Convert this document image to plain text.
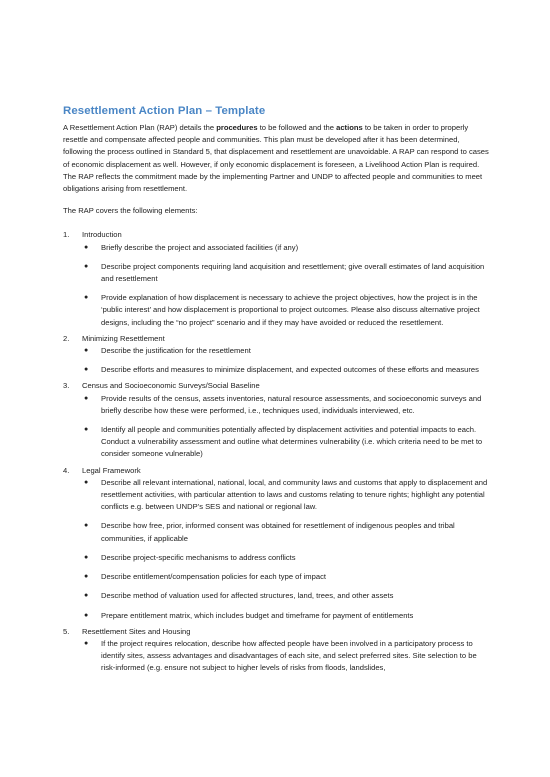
Resettlement Action Plan – Template

A Resettlement Action Plan (RAP) details the procedures to be followed and the actions to be taken in order to properly resettle and compensate affected people and communities. This plan must be developed after it has been determined, following the process outlined in Standard 5, that displacement and resettlement are unavoidable. A RAP can respond to cases of economic displacement as well. However, if only economic displacement is foreseen, a Livelihood Action Plan is required. The RAP reflects the commitment made by the implementing Partner and UNDP to affected people and communities to meet obligations arising from resettlement.

The RAP covers the following elements:

1.	Introduction
●	Briefly describe the project and associated facilities (if any)
●	Describe project components requiring land acquisition and resettlement; give overall estimates of land acquisition and resettlement
●	Provide explanation of how displacement is necessary to achieve the project objectives, how the project is in the ‘public interest’ and how displacement is proportional to project outcomes. Please also discuss alternative project designs, including the “no project” scenario and if they may have avoided or reduced the resettlement.
2.	Minimizing Resettlement
●	Describe the justification for the resettlement
●	Describe efforts and measures to minimize displacement, and expected outcomes of these efforts and measures
3.	Census and Socioeconomic Surveys/Social Baseline
●	Provide results of the census, assets inventories, natural resource assessments, and socioeconomic surveys and briefly describe how these were performed, i.e., techniques used, individuals interviewed, etc.
●	Identify all people and communities potentially affected by displacement activities and potential impacts to each. Conduct a vulnerability assessment and outline what determines vulnerability (i.e. which criteria need to be met to consider someone vulnerable)
4.	Legal Framework
●	Describe all relevant international, national, local, and community laws and customs that apply to displacement and resettlement activities, with particular attention to laws and customs relating to tenure rights; highlight any potential conflicts e.g. between UNDP’s SES and national or regional law.
●	Describe how free, prior, informed consent was obtained for resettlement of indigenous peoples and tribal communities, if applicable
●	Describe project-specific mechanisms to address conflicts
●	Describe entitlement/compensation policies for each type of impact
●	Describe method of valuation used for affected structures, land, trees, and other assets
●	Prepare entitlement matrix, which includes budget and timeframe for payment of entitlements
5.	Resettlement Sites and Housing
●	If the project requires relocation, describe how affected people have been involved in a participatory process to identify sites, assess advantages and disadvantages of each site, and select preferred sites. Site selection to be risk-informed (e.g. ensure not subject to higher levels of risks from floods, landslides,
